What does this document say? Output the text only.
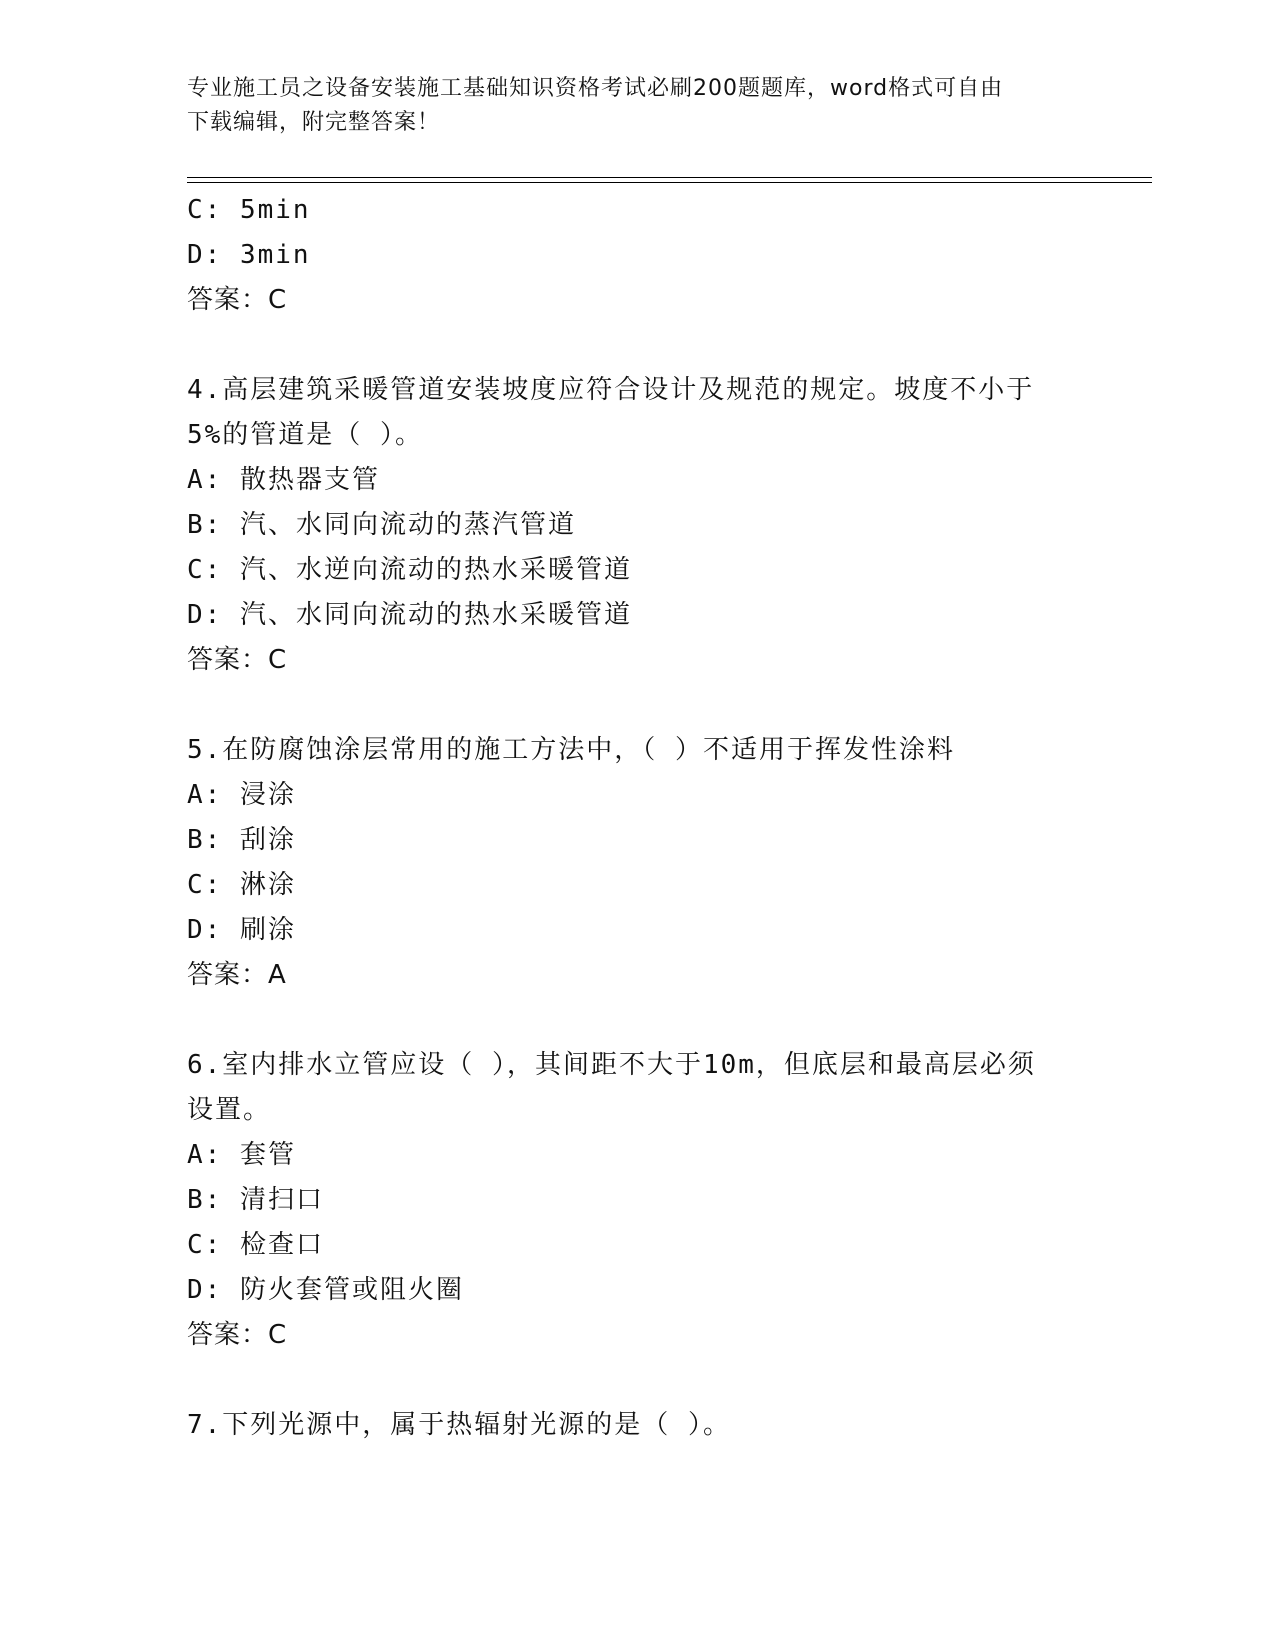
专业施工员之设备安装施工基础知识资格考试必刷200题题库，word格式可自由
下载编辑，附完整答案！
C: 5min
D: 3min
答案：C
4.高层建筑采暖管道安装坡度应符合设计及规范的规定。坡度不小于
5%的管道是（ ）。
A: 散热器支管
B: 汽、水同向流动的蒸汽管道
C: 汽、水逆向流动的热水采暖管道
D: 汽、水同向流动的热水采暖管道
答案：C
5.在防腐蚀涂层常用的施工方法中，（ ）不适用于挥发性涂料
A: 浸涂
B: 刮涂
C: 淋涂
D: 刷涂
答案：A
6.室内排水立管应设（ ），其间距不大于10m，但底层和最高层必须
设置。
A: 套管
B: 清扫口
C: 检查口
D: 防火套管或阻火圈
答案：C
7.下列光源中，属于热辐射光源的是（ ）。
